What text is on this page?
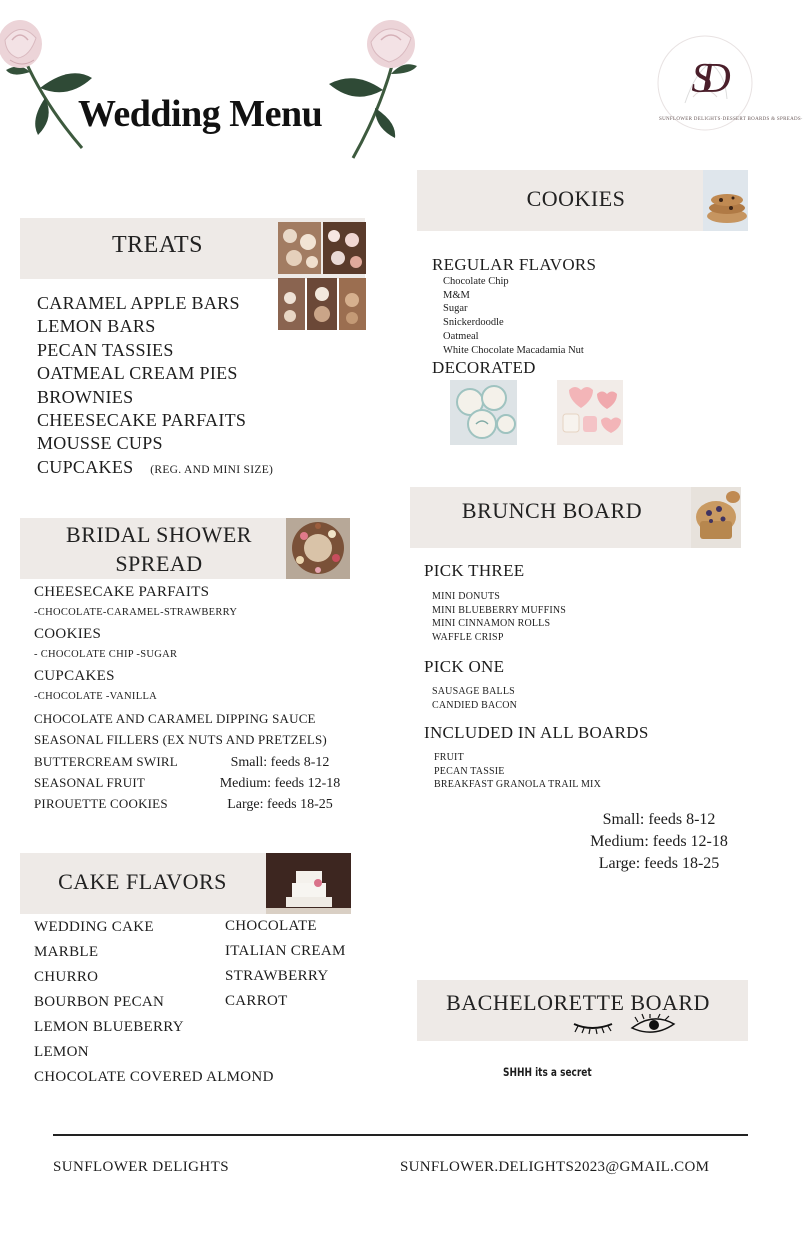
Wedding Menu
SD
SUNFLOWER DELIGHTS·DESSERT BOARDS & SPREADS·
TREATS
CARAMEL APPLE BARS
LEMON BARS
PECAN TASSIES
OATMEAL CREAM PIES
BROWNIES
CHEESECAKE PARFAITS
MOUSSE CUPS
CUPCAKES (REG. AND MINI SIZE)
COOKIES
REGULAR FLAVORS
Chocolate Chip
M&M
Sugar
Snickerdoodle
Oatmeal
White Chocolate Macadamia Nut
DECORATED
BRIDAL SHOWER
SPREAD
CHEESECAKE PARFAITS
-CHOCOLATE-CARAMEL-STRAWBERRY
COOKIES
- CHOCOLATE CHIP -SUGAR
CUPCAKES
-CHOCOLATE -VANILLA
CHOCOLATE AND CARAMEL DIPPING SAUCE
SEASONAL FILLERS (EX NUTS AND PRETZELS)
BUTTERCREAM SWIRL
SEASONAL FRUIT
PIROUETTE COOKIES
Small: feeds 8-12
Medium: feeds 12-18
Large: feeds 18-25
BRUNCH BOARD
PICK THREE
MINI DONUTS
MINI BLUEBERRY MUFFINS
MINI CINNAMON ROLLS
WAFFLE CRISP
PICK ONE
SAUSAGE BALLS
CANDIED BACON
INCLUDED IN ALL BOARDS
FRUIT
PECAN TASSIE
BREAKFAST GRANOLA TRAIL MIX
Small: feeds 8-12
Medium: feeds 12-18
Large: feeds 18-25
CAKE FLAVORS
WEDDING CAKE
MARBLE
CHURRO
BOURBON PECAN
LEMON BLUEBERRY
LEMON
CHOCOLATE COVERED ALMOND
CHOCOLATE
ITALIAN CREAM
STRAWBERRY
CARROT	BACHELORETTE BOARD
SHHH its a secret
SUNFLOWER DELIGHTS	SUNFLOWER.DELIGHTS2023@GMAIL.COM
